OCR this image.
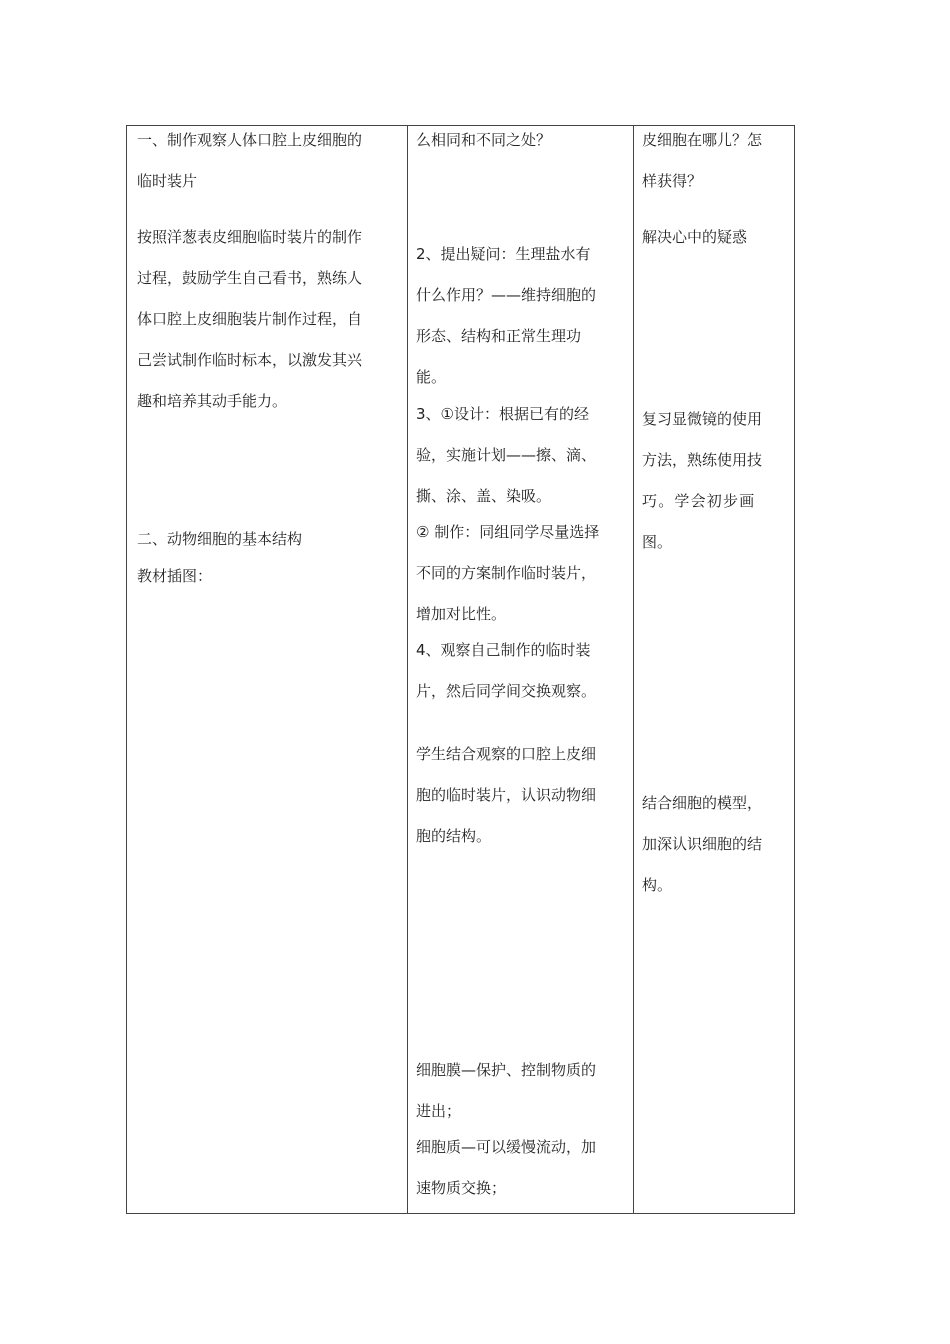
一、制作观察人体口腔上皮细胞的

临时装片

按照洋葱表皮细胞临时装片的制作

过程，鼓励学生自己看书，熟练人

体口腔上皮细胞装片制作过程，自

己尝试制作临时标本，以激发其兴

趣和培养其动手能力。

二、动物细胞的基本结构

教材插图：

么相同和不同之处？

2、提出疑问：生理盐水有

什么作用？——维持细胞的

形态、结构和正常生理功

能。

3、①设计：根据已有的经

验，实施计划——擦、滴、

撕、涂、盖、染吸。

② 制作：同组同学尽量选择

不同的方案制作临时装片，

增加对比性。

4、观察自己制作的临时装

片，然后同学间交换观察。

学生结合观察的口腔上皮细

胞的临时装片，认识动物细

胞的结构。

细胞膜—保护、控制物质的

进出；

细胞质—可以缓慢流动，加

速物质交换；

皮细胞在哪儿？怎

样获得？

解决心中的疑惑

复习显微镜的使用

方法，熟练使用技

巧。学会初步画

图。

结合细胞的模型，

加深认识细胞的结

构。
